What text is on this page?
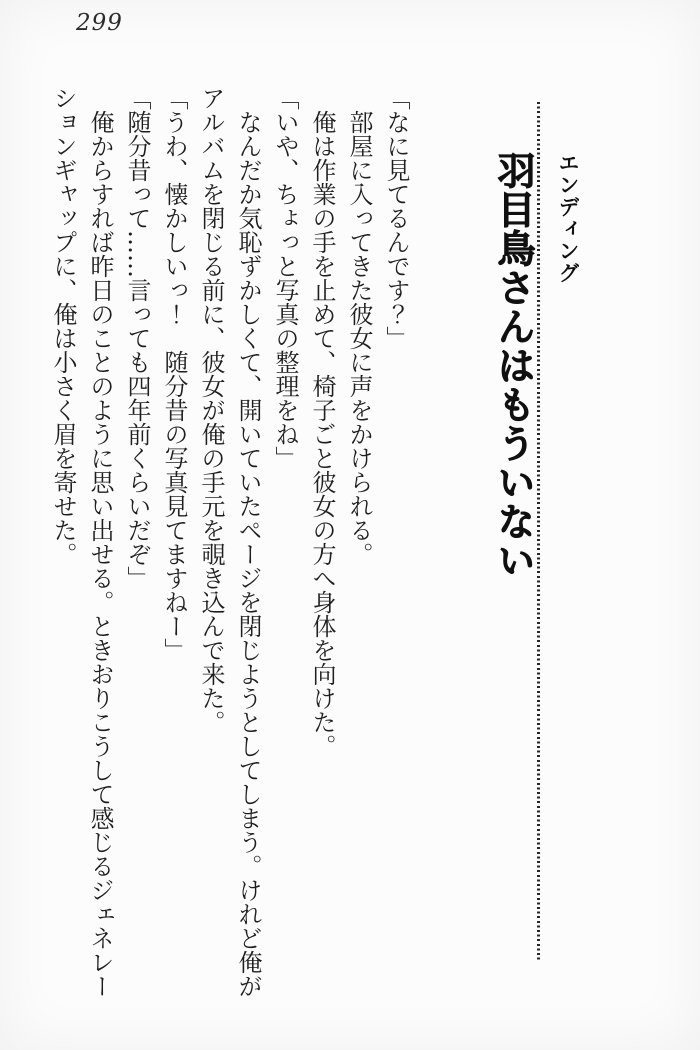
299
エンディング
羽目鳥さんはもういない

「なに見てるんです？」

　部屋に入ってきた彼女に声をかけられる。

　俺は作業の手を止めて、椅子ごと彼女の方へ身体を向けた。

「いや、ちょっと写真の整理をね」

　なんだか気恥ずかしくて、開いていたページを閉じようとしてしまう。けれど俺がアルバムを閉じる前に、彼女が俺の手元を覗き込んで来た。

「うわ、懐かしいっ！　随分昔の写真見てますねー」

「随分昔って……言っても四年前くらいだぞ」

　俺からすれば昨日のことのように思い出せる。ときおりこうして感じるジェネレーションギャップに、俺は小さく眉を寄せた。
